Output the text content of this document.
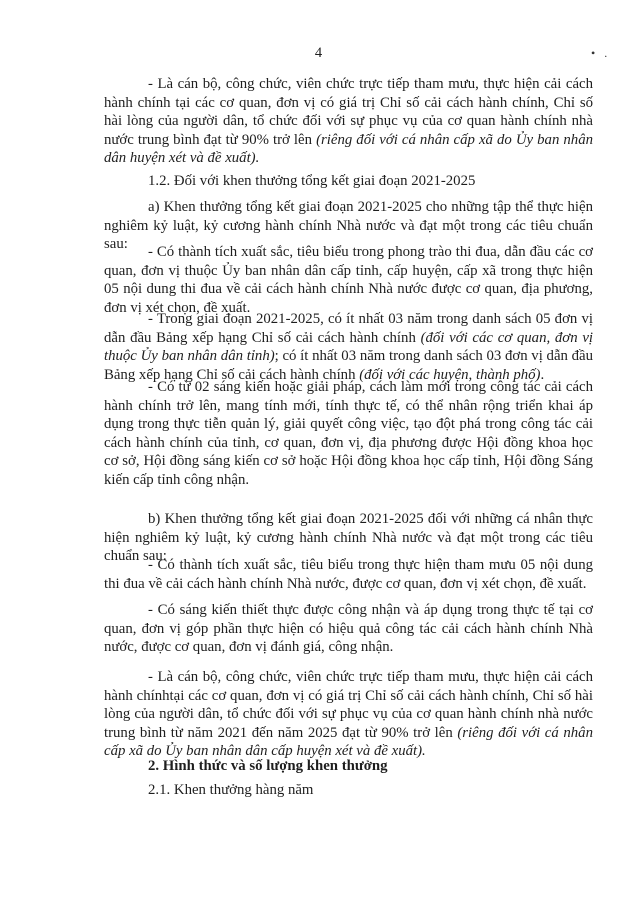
4	• .

- Là cán bộ, công chức, viên chức trực tiếp tham mưu, thực hiện cải cách hành chính tại các cơ quan, đơn vị có giá trị Chỉ số cải cách hành chính, Chỉ số hài lòng của người dân, tổ chức đối với sự phục vụ của cơ quan hành chính nhà nước trung bình đạt từ 90% trở lên (riêng đối với cá nhân cấp xã do Ủy ban nhân dân huyện xét và đề xuất).

1.2. Đối với khen thưởng tổng kết giai đoạn 2021-2025

a) Khen thưởng tổng kết giai đoạn 2021-2025 cho những tập thể thực hiện nghiêm kỷ luật, kỷ cương hành chính Nhà nước và đạt một trong các tiêu chuẩn sau:	- Có thành tích xuất sắc, tiêu biểu trong phong trào thi đua, dẫn đầu các cơ quan, đơn vị thuộc Ủy ban nhân dân cấp tỉnh, cấp huyện, cấp xã trong thực hiện 05 nội dung thi đua về cải cách hành chính Nhà nước được cơ quan, địa phương, đơn vị xét chọn, đề xuất.

- Trong giai đoạn 2021-2025, có ít nhất 03 năm trong danh sách 05 đơn vị dẫn đầu Bảng xếp hạng Chỉ số cải cách hành chính (đối với các cơ quan, đơn vị thuộc Ủy ban nhân dân tỉnh); có ít nhất 03 năm trong danh sách 03 đơn vị dẫn đầu Bảng xếp hạng Chỉ số cải cách hành chính (đối với các huyện, thành phố).

- Có từ 02 sáng kiến hoặc giải pháp, cách làm mới trong công tác cải cách hành chính trở lên, mang tính mới, tính thực tế, có thể nhân rộng triển khai áp dụng trong thực tiễn quản lý, giải quyết công việc, tạo đột phá trong công tác cải cách hành chính của tỉnh, cơ quan, đơn vị, địa phương được Hội đồng khoa học cơ sở, Hội đồng sáng kiến cơ sở hoặc Hội đồng khoa học cấp tỉnh, Hội đồng Sáng kiến cấp tỉnh công nhận.

b) Khen thưởng tổng kết giai đoạn 2021-2025 đối với những cá nhân thực hiện nghiêm kỷ luật, kỷ cương hành chính Nhà nước và đạt một trong các tiêu chuẩn sau:

- Có thành tích xuất sắc, tiêu biểu trong thực hiện tham mưu 05 nội dung thi đua về cải cách hành chính Nhà nước, được cơ quan, đơn vị xét chọn, đề xuất.

- Có sáng kiến thiết thực được công nhận và áp dụng trong thực tế tại cơ quan, đơn vị góp phần thực hiện có hiệu quả công tác cải cách hành chính Nhà nước, được cơ quan, đơn vị đánh giá, công nhận.

- Là cán bộ, công chức, viên chức trực tiếp tham mưu, thực hiện cải cách hành chínhtại các cơ quan, đơn vị có giá trị Chỉ số cải cách hành chính, Chỉ số hài lòng của người dân, tổ chức đối với sự phục vụ của cơ quan hành chính nhà nước trung bình từ năm 2021 đến năm 2025 đạt từ 90% trở lên (riêng đối với cá nhân cấp xã do Ủy ban nhân dân cấp huyện xét và đề xuất).

2. Hình thức và số lượng khen thưởng

2.1. Khen thưởng hàng năm
